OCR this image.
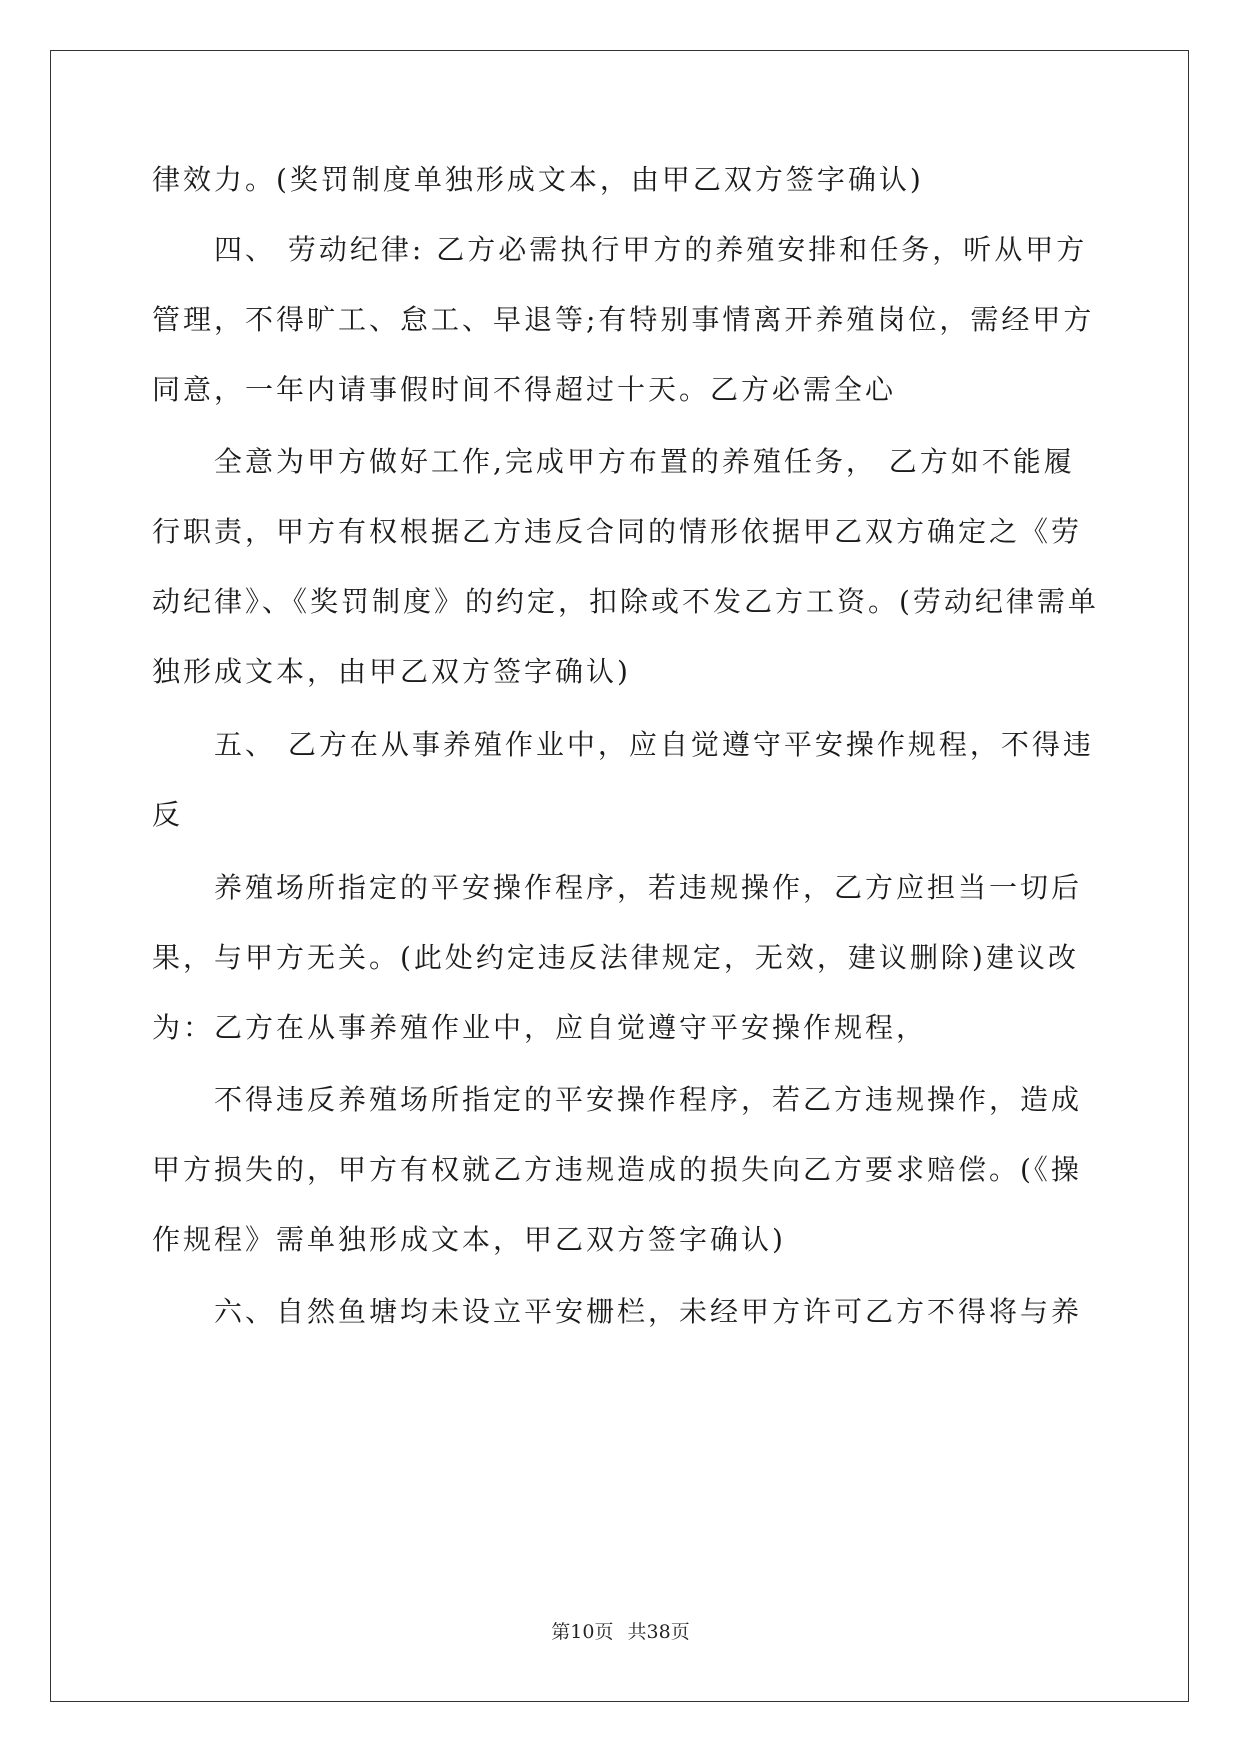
律效力。(奖罚制度单独形成文本，由甲乙双方签字确认)
四、 劳动纪律: 乙方必需执行甲方的养殖安排和任务，听从甲方
管理，不得旷工、怠工、早退等;有特别事情离开养殖岗位，需经甲方
同意，一年内请事假时间不得超过十天。乙方必需全心
全意为甲方做好工作,完成甲方布置的养殖任务， 乙方如不能履
行职责，甲方有权根据乙方违反合同的情形依据甲乙双方确定之《劳
动纪律》、《奖罚制度》的约定，扣除或不发乙方工资。(劳动纪律需单
独形成文本，由甲乙双方签字确认)
五、 乙方在从事养殖作业中，应自觉遵守平安操作规程，不得违
反
养殖场所指定的平安操作程序，若违规操作，乙方应担当一切后
果，与甲方无关。(此处约定违反法律规定，无效，建议删除)建议改
为：乙方在从事养殖作业中，应自觉遵守平安操作规程，
不得违反养殖场所指定的平安操作程序，若乙方违规操作，造成
甲方损失的，甲方有权就乙方违规造成的损失向乙方要求赔偿。(《操
作规程》需单独形成文本，甲乙双方签字确认)
六、自然鱼塘均未设立平安栅栏，未经甲方许可乙方不得将与养
第10页 共38页
